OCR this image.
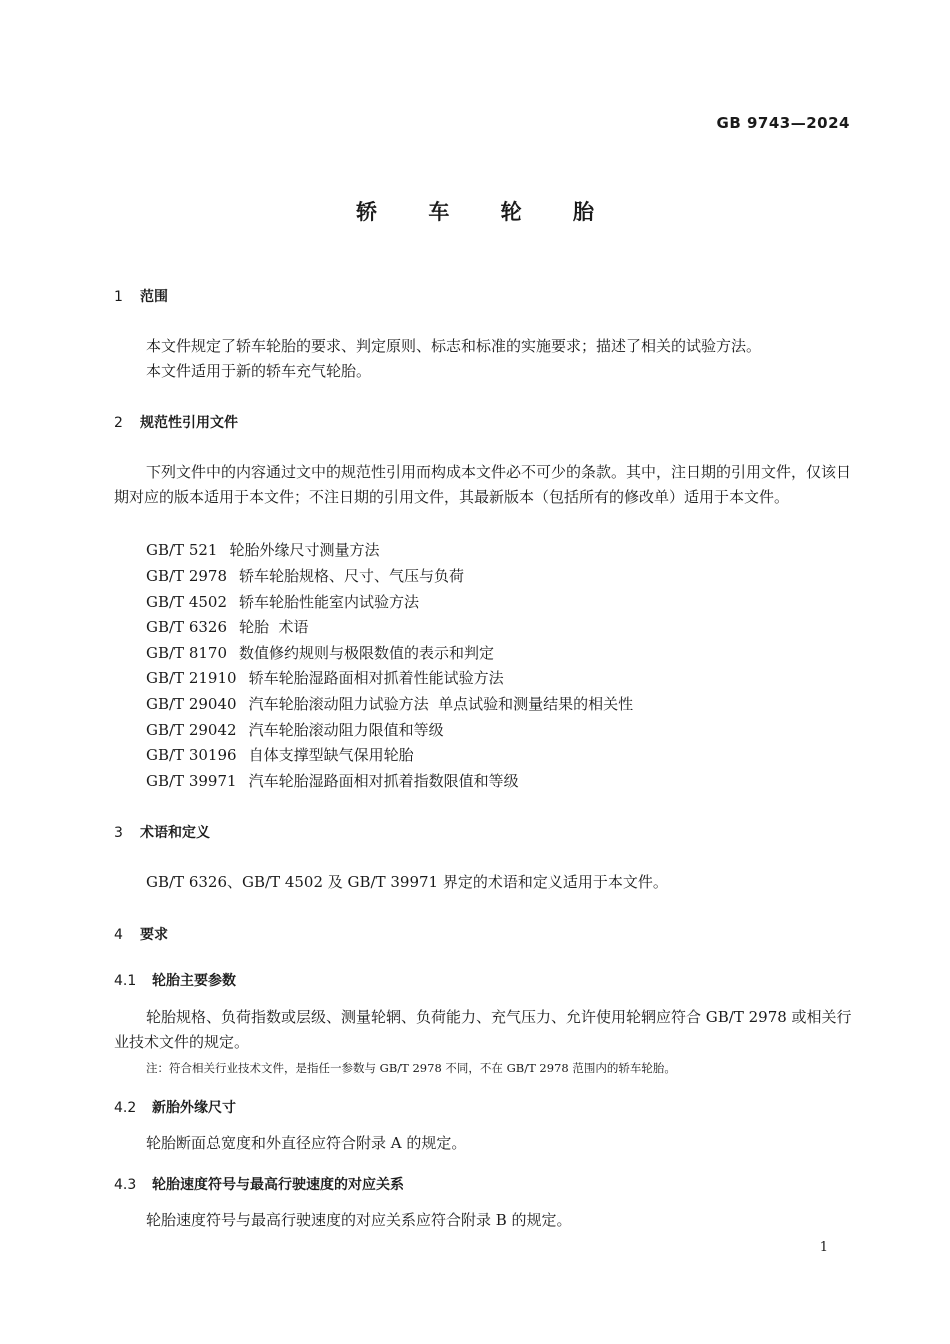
GB 9743—2024
轿 车 轮 胎
1 范围
本文件规定了轿车轮胎的要求、判定原则、标志和标准的实施要求；描述了相关的试验方法。
本文件适用于新的轿车充气轮胎。
2 规范性引用文件
下列文件中的内容通过文中的规范性引用而构成本文件必不可少的条款。其中，注日期的引用文件，仅该日期对应的版本适用于本文件；不注日期的引用文件，其最新版本（包括所有的修改单）适用于本文件。
GB/T 521 轮胎外缘尺寸测量方法
GB/T 2978 轿车轮胎规格、尺寸、气压与负荷
GB/T 4502 轿车轮胎性能室内试验方法
GB/T 6326 轮胎  术语
GB/T 8170 数值修约规则与极限数值的表示和判定
GB/T 21910 轿车轮胎湿路面相对抓着性能试验方法
GB/T 29040 汽车轮胎滚动阻力试验方法  单点试验和测量结果的相关性
GB/T 29042 汽车轮胎滚动阻力限值和等级
GB/T 30196 自体支撑型缺气保用轮胎
GB/T 39971 汽车轮胎湿路面相对抓着指数限值和等级
3 术语和定义
GB/T 6326、GB/T 4502 及 GB/T 39971 界定的术语和定义适用于本文件。
4 要求
4.1 轮胎主要参数
轮胎规格、负荷指数或层级、测量轮辋、负荷能力、充气压力、允许使用轮辋应符合 GB/T 2978 或相关行业技术文件的规定。
注：符合相关行业技术文件，是指任一参数与 GB/T 2978 不同，不在 GB/T 2978 范围内的轿车轮胎。
4.2 新胎外缘尺寸
轮胎断面总宽度和外直径应符合附录 A 的规定。
4.3 轮胎速度符号与最高行驶速度的对应关系
轮胎速度符号与最高行驶速度的对应关系应符合附录 B 的规定。
1
